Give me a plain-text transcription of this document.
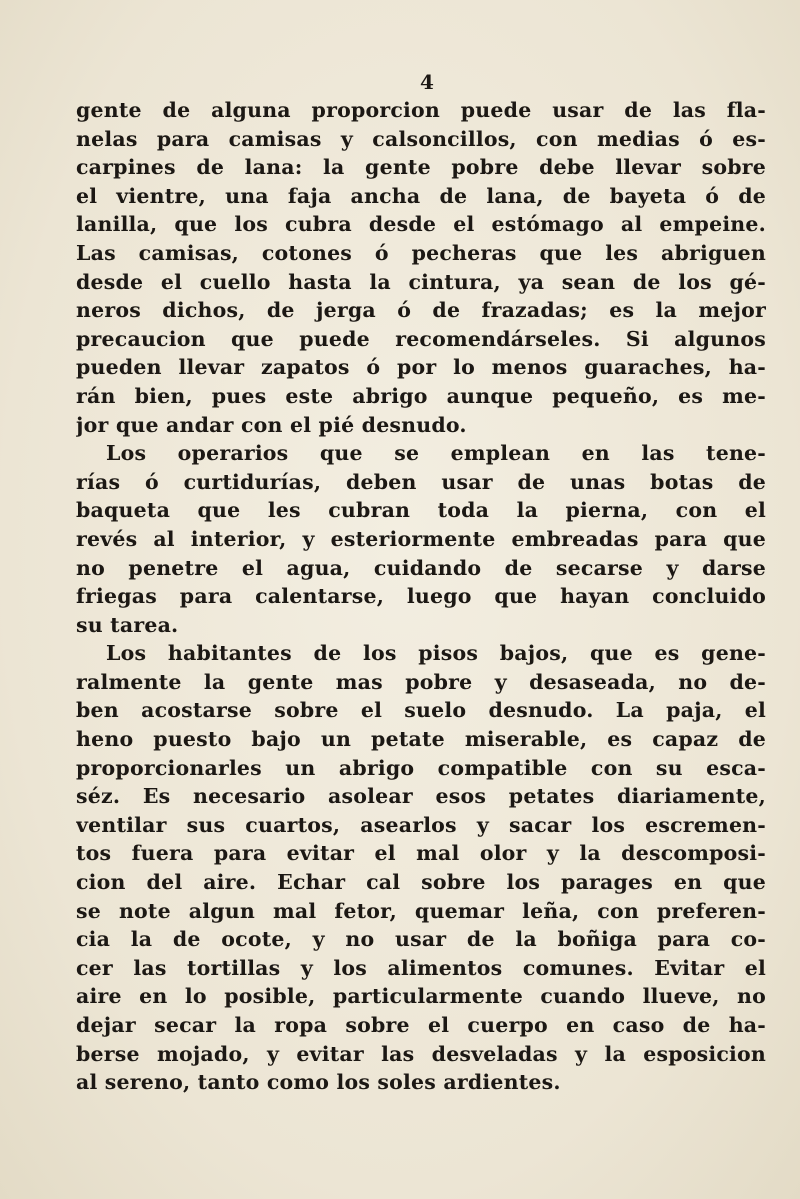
4
gente de alguna proporcion puede usar de las fla-
nelas para camisas y calsoncillos, con medias ó es-
carpines de lana: la gente pobre debe llevar sobre
el vientre, una faja ancha de lana, de bayeta ó de
lanilla, que los cubra desde el estómago al empeine.
Las camisas, cotones ó pecheras que les abriguen
desde el cuello hasta la cintura, ya sean de los gé-
neros dichos, de jerga ó de frazadas; es la mejor
precaucion que puede recomendárseles. Si algunos
pueden llevar zapatos ó por lo menos guaraches, ha-
rán bien, pues este abrigo aunque pequeño, es me-
jor que andar con el pié desnudo.
Los operarios que se emplean en las tene-
rías ó curtidurías, deben usar de unas botas de
baqueta que les cubran toda la pierna, con el
revés al interior, y esteriormente embreadas para que
no penetre el agua, cuidando de secarse y darse
friegas para calentarse, luego que hayan concluido
su tarea.
Los habitantes de los pisos bajos, que es gene-
ralmente la gente mas pobre y desaseada, no de-
ben acostarse sobre el suelo desnudo. La paja, el
heno puesto bajo un petate miserable, es capaz de
proporcionarles un abrigo compatible con su esca-
séz. Es necesario asolear esos petates diariamente,
ventilar sus cuartos, asearlos y sacar los escremen-
tos fuera para evitar el mal olor y la descomposi-
cion del aire. Echar cal sobre los parages en que
se note algun mal fetor, quemar leña, con preferen-
cia la de ocote, y no usar de la boñiga para co-
cer las tortillas y los alimentos comunes. Evitar el
aire en lo posible, particularmente cuando llueve, no
dejar secar la ropa sobre el cuerpo en caso de ha-
berse mojado, y evitar las desveladas y la esposicion
al sereno, tanto como los soles ardientes.
